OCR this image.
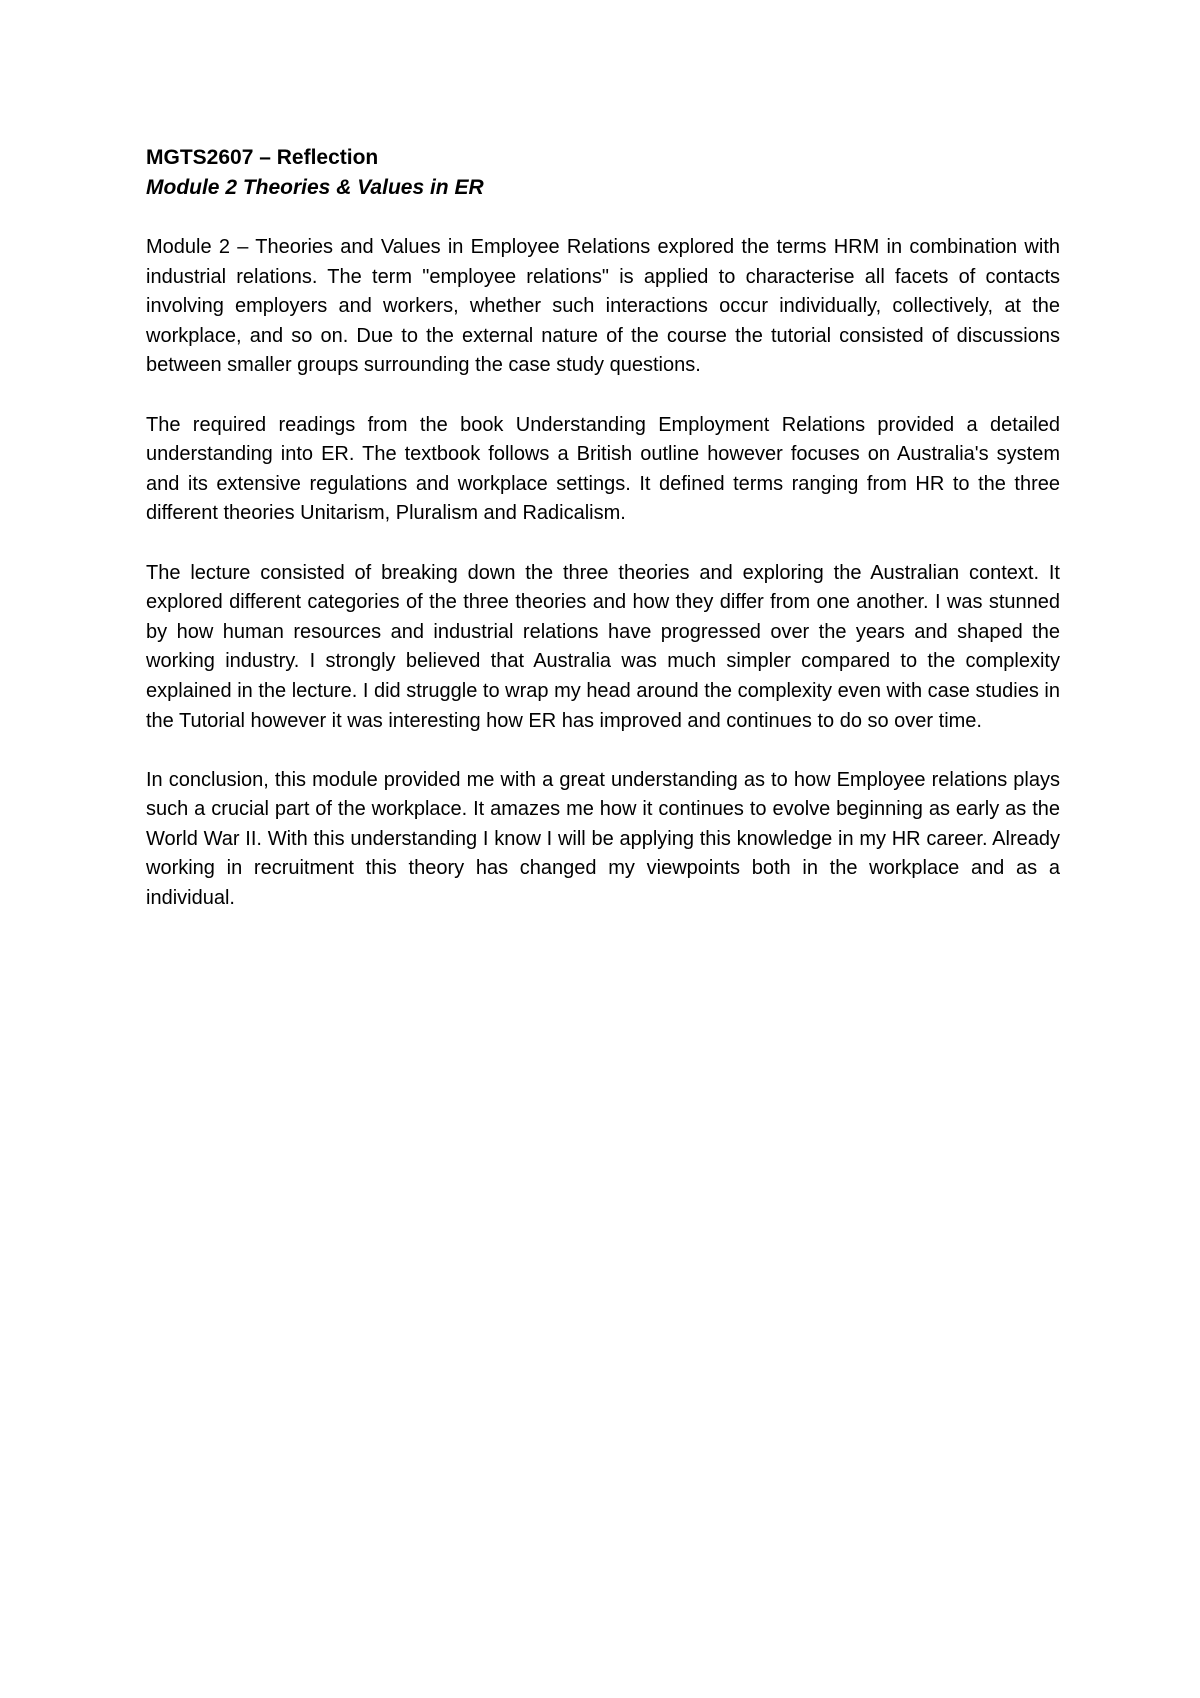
MGTS2607 – Reflection

Module 2 Theories & Values in ER

Module 2 – Theories and Values in Employee Relations explored the terms HRM in combination with industrial relations. The term "employee relations" is applied to characterise all facets of contacts involving employers and workers, whether such interactions occur individually, collectively, at the workplace, and so on. Due to the external nature of the course the tutorial consisted of discussions between smaller groups surrounding the case study questions.

The required readings from the book Understanding Employment Relations provided a detailed understanding into ER. The textbook follows a British outline however focuses on Australia's system and its extensive regulations and workplace settings. It defined terms ranging from HR to the three different theories Unitarism, Pluralism and Radicalism.

The lecture consisted of breaking down the three theories and exploring the Australian context. It explored different categories of the three theories and how they differ from one another. I was stunned by how human resources and industrial relations have progressed over the years and shaped the working industry. I strongly believed that Australia was much simpler compared to the complexity explained in the lecture. I did struggle to wrap my head around the complexity even with case studies in the Tutorial however it was interesting how ER has improved and continues to do so over time.

In conclusion, this module provided me with a great understanding as to how Employee relations plays such a crucial part of the workplace. It amazes me how it continues to evolve beginning as early as the World War II. With this understanding I know I will be applying this knowledge in my HR career. Already working in recruitment this theory has changed my viewpoints both in the workplace and as a individual.
